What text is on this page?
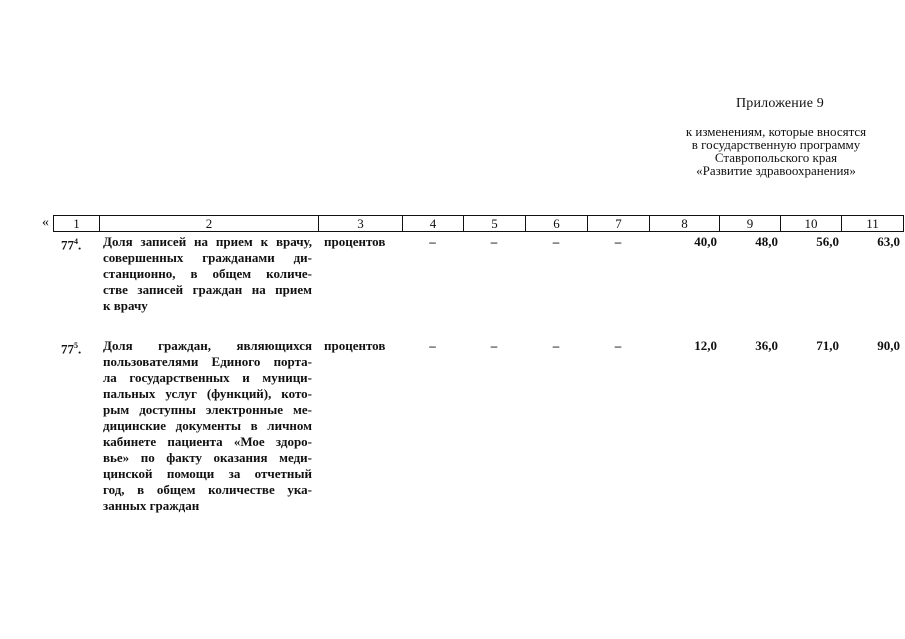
Приложение 9
к изменениям, которые вносятся
в государственную программу
Ставропольского края
«Развитие здравоохранения»
«	1	2	3	4	5	6	7	8	9	10	11
$77^4$.	Доля записей на прием к врачу,
совершенных гражданами ди-
станционно, в общем количе-
стве записей граждан на прием
к врачу
процентов	–	–	–	–	40,0	48,0	56,0	63,0
$77^5$.	Доля граждан, являющихся
пользователями Единого порта-
ла государственных и муници-
пальных услуг (функций), кото-
рым доступны электронные ме-
дицинские документы в личном
кабинете пациента «Мое здоро-
вье» по факту оказания меди-
цинской помощи за отчетный
год, в общем количестве ука-
занных граждан
процентов	–	–	–	–	12,0	36,0	71,0	90,0
